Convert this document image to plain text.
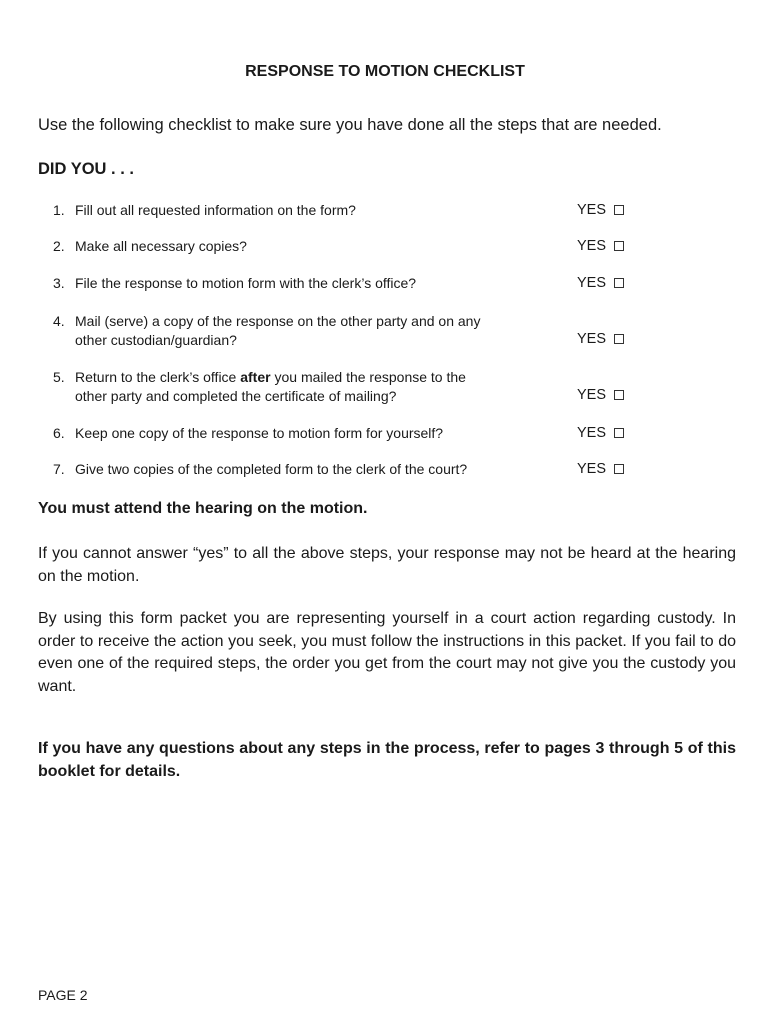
RESPONSE TO MOTION CHECKLIST
Use the following checklist to make sure you have done all the steps that are needed.
DID YOU . . .
1. Fill out all requested information on the form?	YES
2. Make all necessary copies?	YES
3. File the response to motion form with the clerk’s office?	YES
4. Mail (serve) a copy of the response on the other party and on any
other custodian/guardian?	YES
5. Return to the clerk’s office after you mailed the response to the
other party and completed the certificate of mailing?	YES
6. Keep one copy of the response to motion form for yourself?	YES
7. Give two copies of the completed form to the clerk of the court?	YES
You must attend the hearing on the motion.
If you cannot answer “yes” to all the above steps, your response may not be heard at the hearing on the motion.
By using this form packet you are representing yourself in a court action regarding custody. In order to receive the action you seek, you must follow the instructions in this packet. If you fail to do even one of the required steps, the order you get from the court may not give you the custody you want.
If you have any questions about any steps in the process, refer to pages 3 through 5 of this booklet for details.
PAGE 2
